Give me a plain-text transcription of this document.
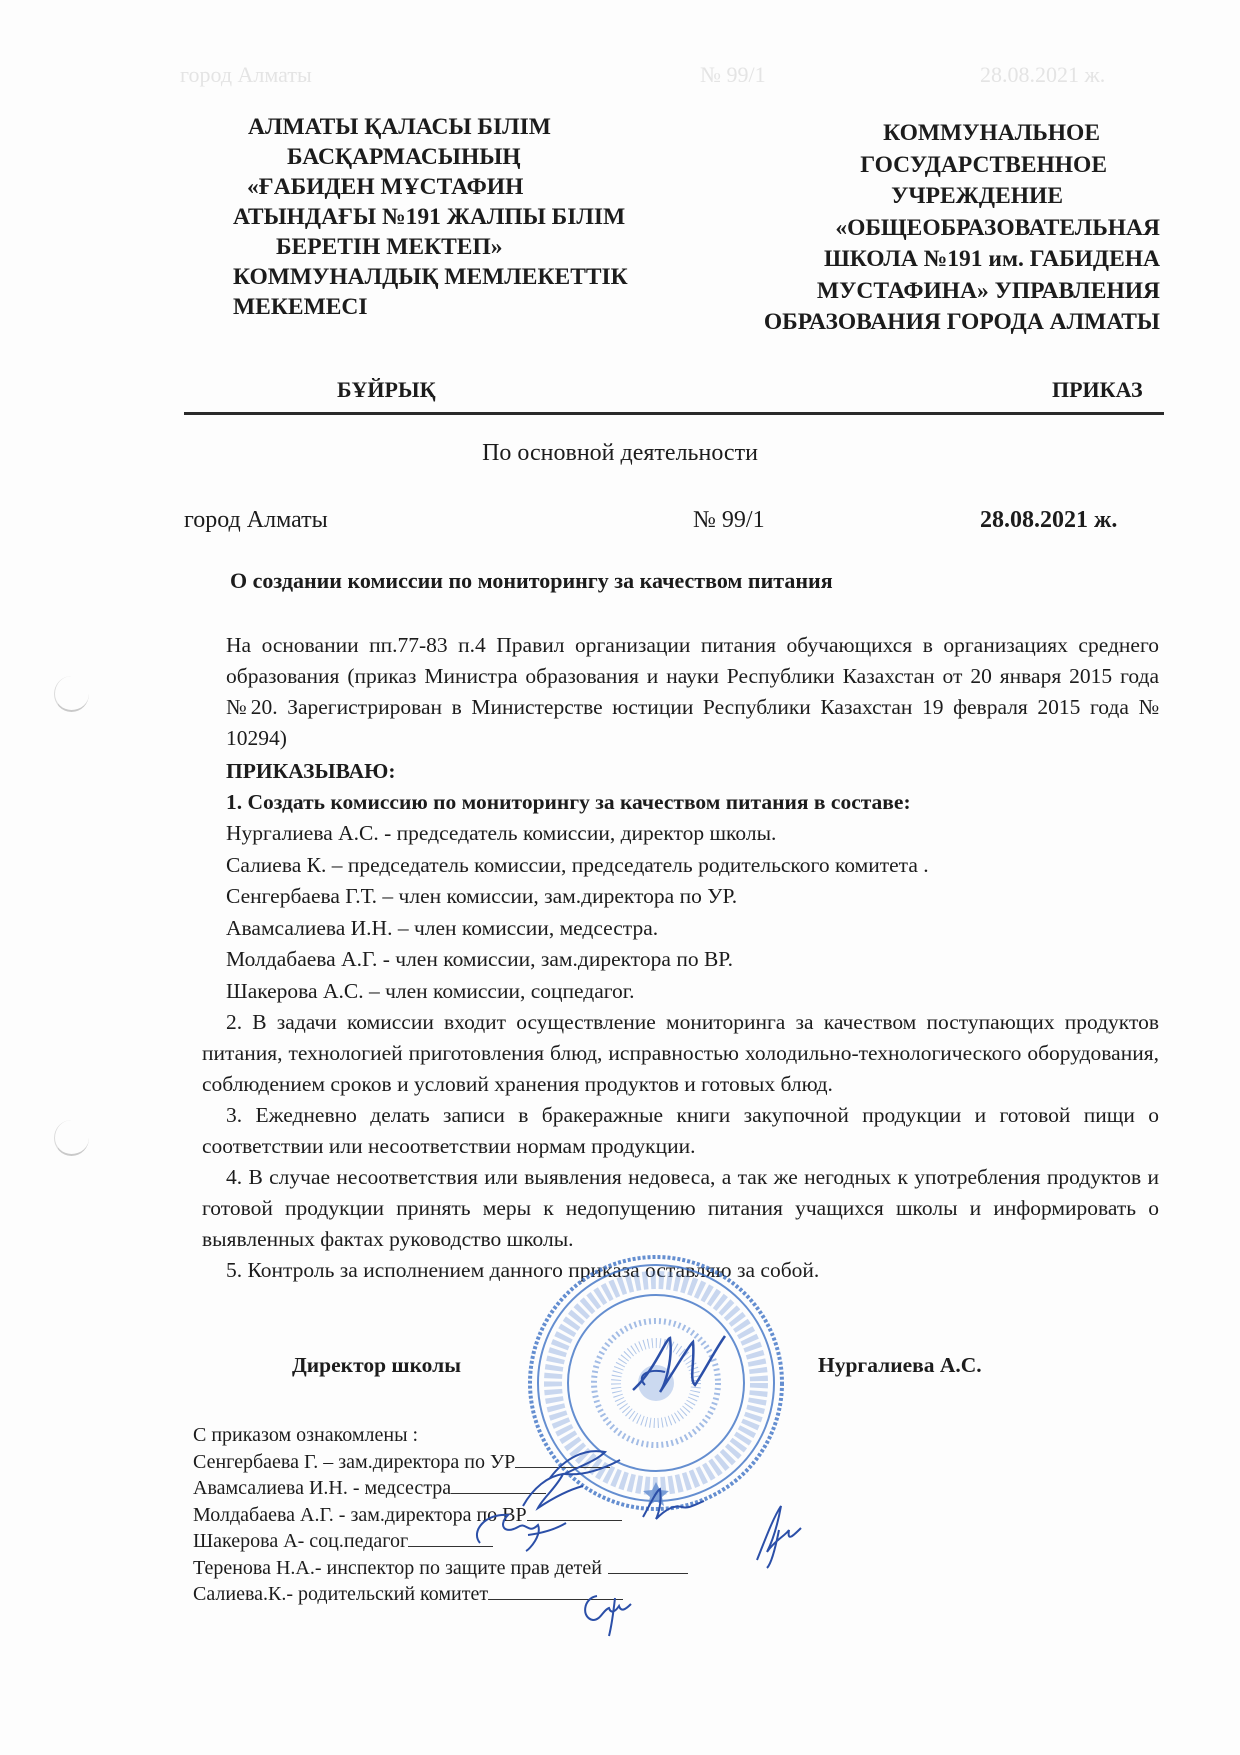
город Алматы	№ 99/1	28.08.2021 ж.
АЛМАТЫ ҚАЛАСЫ БІЛІМ
БАСҚАРМАСЫНЫҢ
«ҒАБИДЕН МҰСТАФИН
АТЫНДАҒЫ №191 ЖАЛПЫ БІЛІМ
БЕРЕТІН МЕКТЕП»
КОММУНАЛДЫҚ МЕМЛЕКЕТТІК
МЕКЕМЕСІ
КОММУНАЛЬНОЕ
ГОСУДАРСТВЕННОЕ
УЧРЕЖДЕНИЕ
«ОБЩЕОБРАЗОВАТЕЛЬНАЯ
ШКОЛА №191 им. ГАБИДЕНА
МУСТАФИНА» УПРАВЛЕНИЯ
ОБРАЗОВАНИЯ ГОРОДА АЛМАТЫ
БҰЙРЫҚ	ПРИКАЗ
По основной деятельности
город Алматы	№ 99/1	28.08.2021 ж.
О создании комиссии по мониторингу за качеством питания

На основании пп.77-83 п.4 Правил организации питания обучающихся в организациях среднего образования (приказ Министра образования и науки Республики Казахстан от 20 января 2015 года №20. Зарегистрирован в Министерстве юстиции Республики Казахстан 19 февраля 2015 года № 10294)

ПРИКАЗЫВАЮ:

1. Создать комиссию по мониторингу за качеством питания в составе:

Нургалиева А.С. - председатель комиссии, директор школы.

Салиева К. – председатель комиссии, председатель родительского комитета .

Сенгербаева Г.Т. – член комиссии, зам.директора по УР.

Авамсалиева И.Н. – член комиссии, медсестра.

Молдабаева А.Г. - член комиссии, зам.директора по ВР.

Шакерова А.С. – член комиссии, соцпедагог.

2. В задачи комиссии входит осуществление мониторинга за качеством поступающих продуктов питания, технологией приготовления блюд, исправностью холодильно-технологического оборудования, соблюдением сроков и условий хранения продуктов и готовых блюд.

3. Ежедневно делать записи в бракеражные книги закупочной продукции и готовой пищи о соответствии или несоответствии нормам продукции.

4. В случае несоответствия или выявления недовеса, а так же негодных к употребления продуктов и готовой продукции принять меры к недопущению питания учащихся школы и информировать о выявленных фактах руководство школы.

5. Контроль за исполнением данного приказа оставляю за собой.

Директор школы	Нургалиева А.С.
С приказом ознакомлены :
Сенгербаева Г. – зам.директора по УР
Авамсалиева И.Н. - медсестра
Молдабаева А.Г. - зам.директора по ВР
Шакерова А- соц.педагог
Теренова Н.А.- инспектор по защите прав детей
Салиева.К.- родительский комитет
